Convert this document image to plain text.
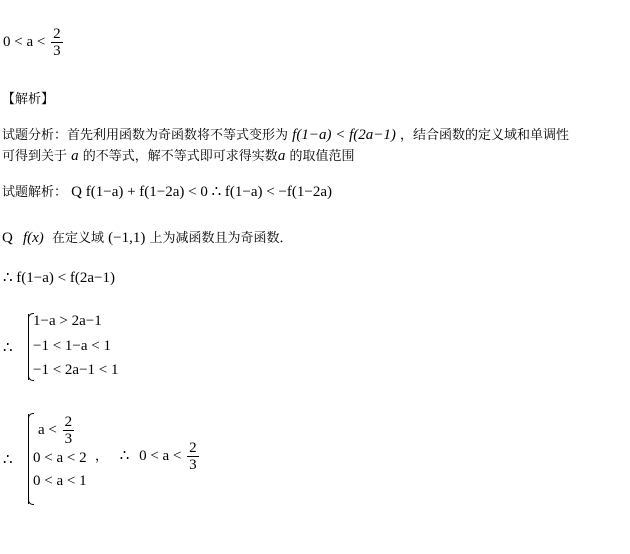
$0 < a < \frac{2}{3}$
【解析】
试题分析：首先利用函数为奇函数将不等式变形为 f(1−a) < f(2a−1) ，结合函数的定义域和单调性
可得到关于 a 的不等式，解不等式即可求得实数a 的取值范围
试题解析： Q f(1−a) + f(1−2a) < 0 ∴ f(1−a) < −f(1−2a)
Q f(x) 在定义域 (−1,1) 上为减函数且为奇函数．
∴ f(1−a) < f(2a−1)
∴
1−a > 2a−1
−1 < 1−a < 1
−1 < 2a−1 < 1
∴
$a < \frac{2}{3}$
0 < a < 2
0 < a < 1
， ∴ $0 < a < \frac{2}{3}$
